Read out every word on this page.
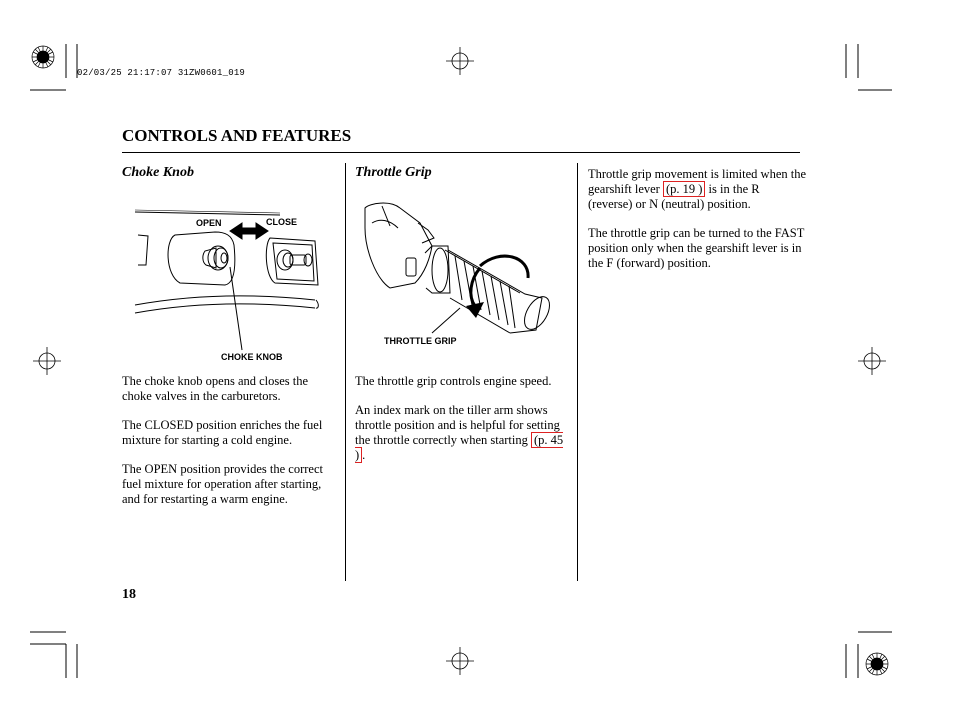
02/03/25 21:17:07 31ZW0601_019
CONTROLS AND FEATURES
Choke Knob
OPEN	CLOSE
CHOKE KNOB

The choke knob opens and closes the choke valves in the carburetors.

The CLOSED position enriches the fuel mixture for starting a cold engine.

The OPEN position provides the correct fuel mixture for operation after starting, and for restarting a warm engine.

Throttle Grip
THROTTLE GRIP

The throttle grip controls engine speed.

An index mark on the tiller arm shows throttle position and is helpful for setting the throttle correctly when starting (p. 45 ) .

Throttle grip movement is limited when the gearshift lever (p. 19 ) is in the R (reverse) or N (neutral) position.

The throttle grip can be turned to the FAST position only when the gearshift lever is in the F (forward) position.

18
